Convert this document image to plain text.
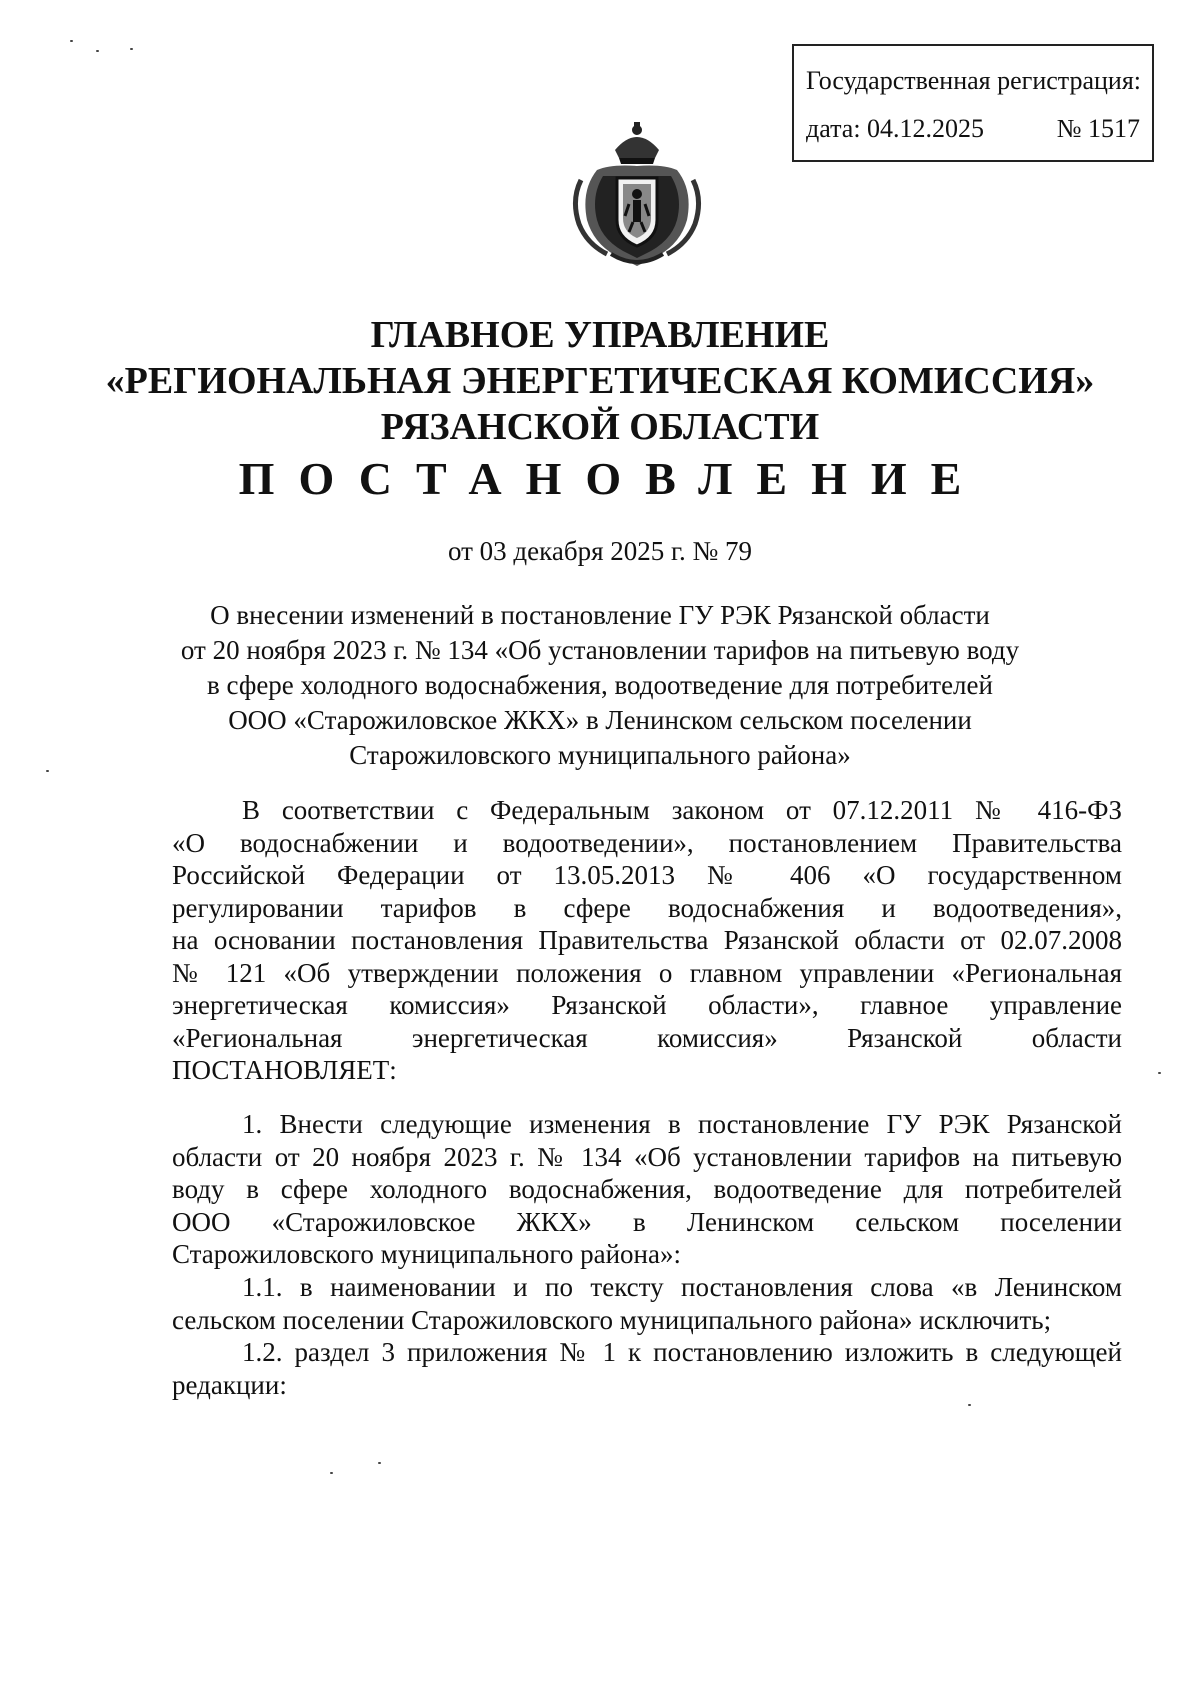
Государственная регистрация:
дата: 04.12.2025	№ 1517
ГЛАВНОЕ УПРАВЛЕНИЕ
«РЕГИОНАЛЬНАЯ ЭНЕРГЕТИЧЕСКАЯ КОМИССИЯ»
РЯЗАНСКОЙ ОБЛАСТИ
ПОСТАНОВЛЕНИЕ
от 03 декабря 2025 г. № 79
О внесении изменений в постановление ГУ РЭК Рязанской области
от 20 ноября 2023 г. № 134 «Об установлении тарифов на питьевую воду
в сфере холодного водоснабжения, водоотведение для потребителей
ООО «Старожиловское ЖКХ» в Ленинском сельском поселении
Старожиловского муниципального района»
В соответствии с Федеральным законом от 07.12.2011 № 416-ФЗ
«О водоснабжении и водоотведении», постановлением Правительства
Российской Федерации от 13.05.2013 № 406 «О государственном
регулировании тарифов в сфере водоснабжения и водоотведения»,
на основании постановления Правительства Рязанской области от 02.07.2008
№ 121 «Об утверждении положения о главном управлении «Региональная
энергетическая комиссия» Рязанской области», главное управление
«Региональная энергетическая комиссия» Рязанской области
ПОСТАНОВЛЯЕТ:
1. Внести следующие изменения в постановление ГУ РЭК Рязанской
области от 20 ноября 2023 г. № 134 «Об установлении тарифов на питьевую
воду в сфере холодного водоснабжения, водоотведение для потребителей
ООО «Старожиловское ЖКХ» в Ленинском сельском поселении
Старожиловского муниципального района»:
1.1. в наименовании и по тексту постановления слова «в Ленинском
сельском поселении Старожиловского муниципального района» исключить;
1.2. раздел 3 приложения № 1 к постановлению изложить в следующей
редакции:
